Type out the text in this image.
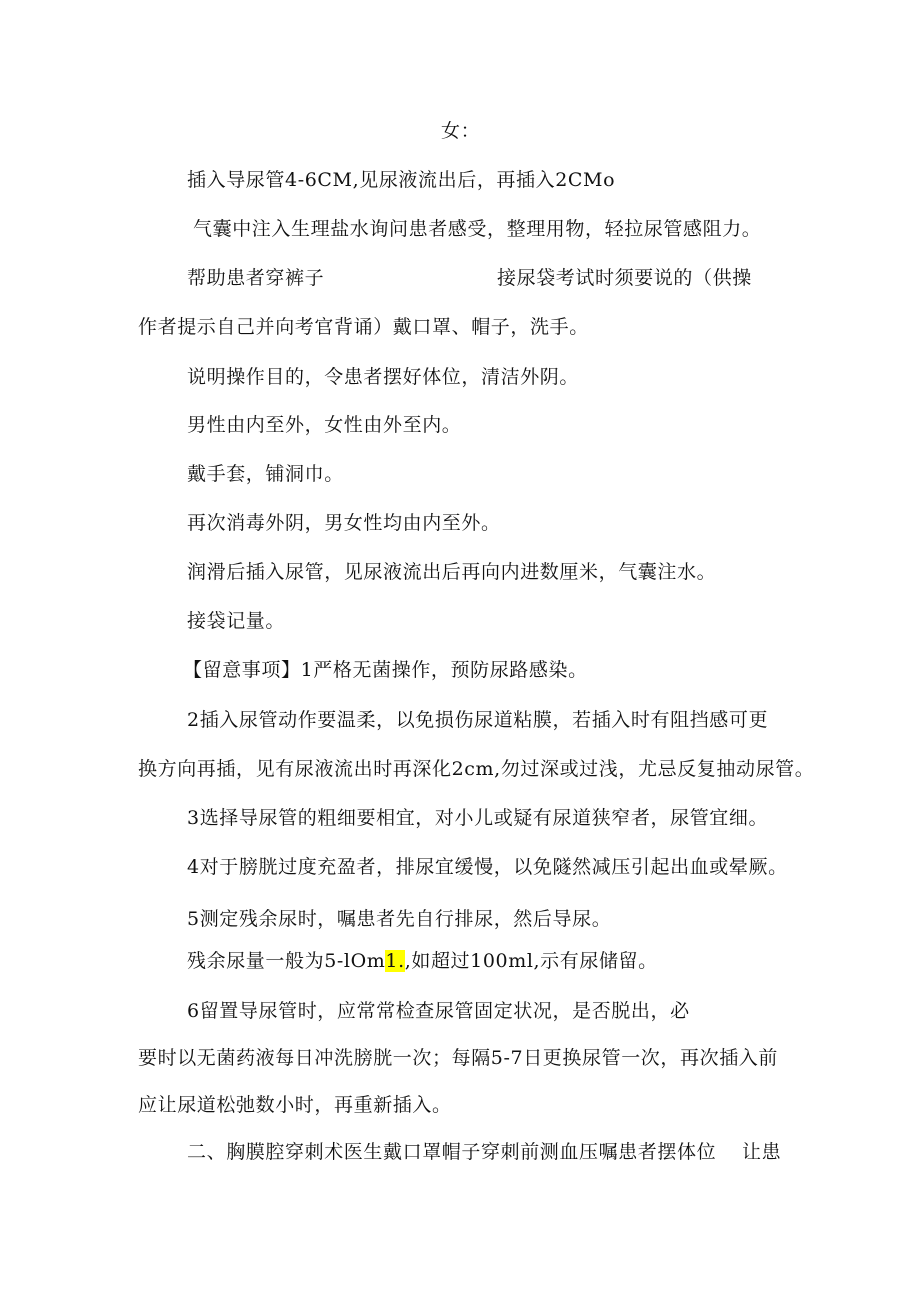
女：
插入导尿管4-6CM,见尿液流出后，再插入2CMo
气囊中注入生理盐水询问患者感受，整理用物，轻拉尿管感阻力。
帮助患者穿裤子	接尿袋考试时须要说的（供操
作者提示自己并向考官背诵）戴口罩、帽子，洗手。
说明操作目的，令患者摆好体位，清洁外阴。
男性由内至外，女性由外至内。
戴手套，铺洞巾。
再次消毒外阴，男女性均由内至外。
润滑后插入尿管，见尿液流出后再向内进数厘米，气囊注水。
接袋记量。
【留意事项】1严格无菌操作，预防尿路感染。
2插入尿管动作要温柔，以免损伤尿道粘膜，若插入时有阻挡感可更
换方向再插，见有尿液流出时再深化2cm,勿过深或过浅，尤忌反复抽动尿管。
3选择导尿管的粗细要相宜，对小儿或疑有尿道狭窄者，尿管宜细。
4对于膀胱过度充盈者，排尿宜缓慢，以免隧然减压引起出血或晕厥。
5测定残余尿时，嘱患者先自行排尿，然后导尿。
残余尿量一般为5-lOm1.,如超过100ml,示有尿储留。
6留置导尿管时，应常常检查尿管固定状况，是否脱出，必
要时以无菌药液每日冲洗膀胱一次；每隔5-7日更换尿管一次，再次插入前
应让尿道松弛数小时，再重新插入。
二、胸膜腔穿刺术医生戴口罩帽子穿刺前测血压嘱患者摆体位 让患
